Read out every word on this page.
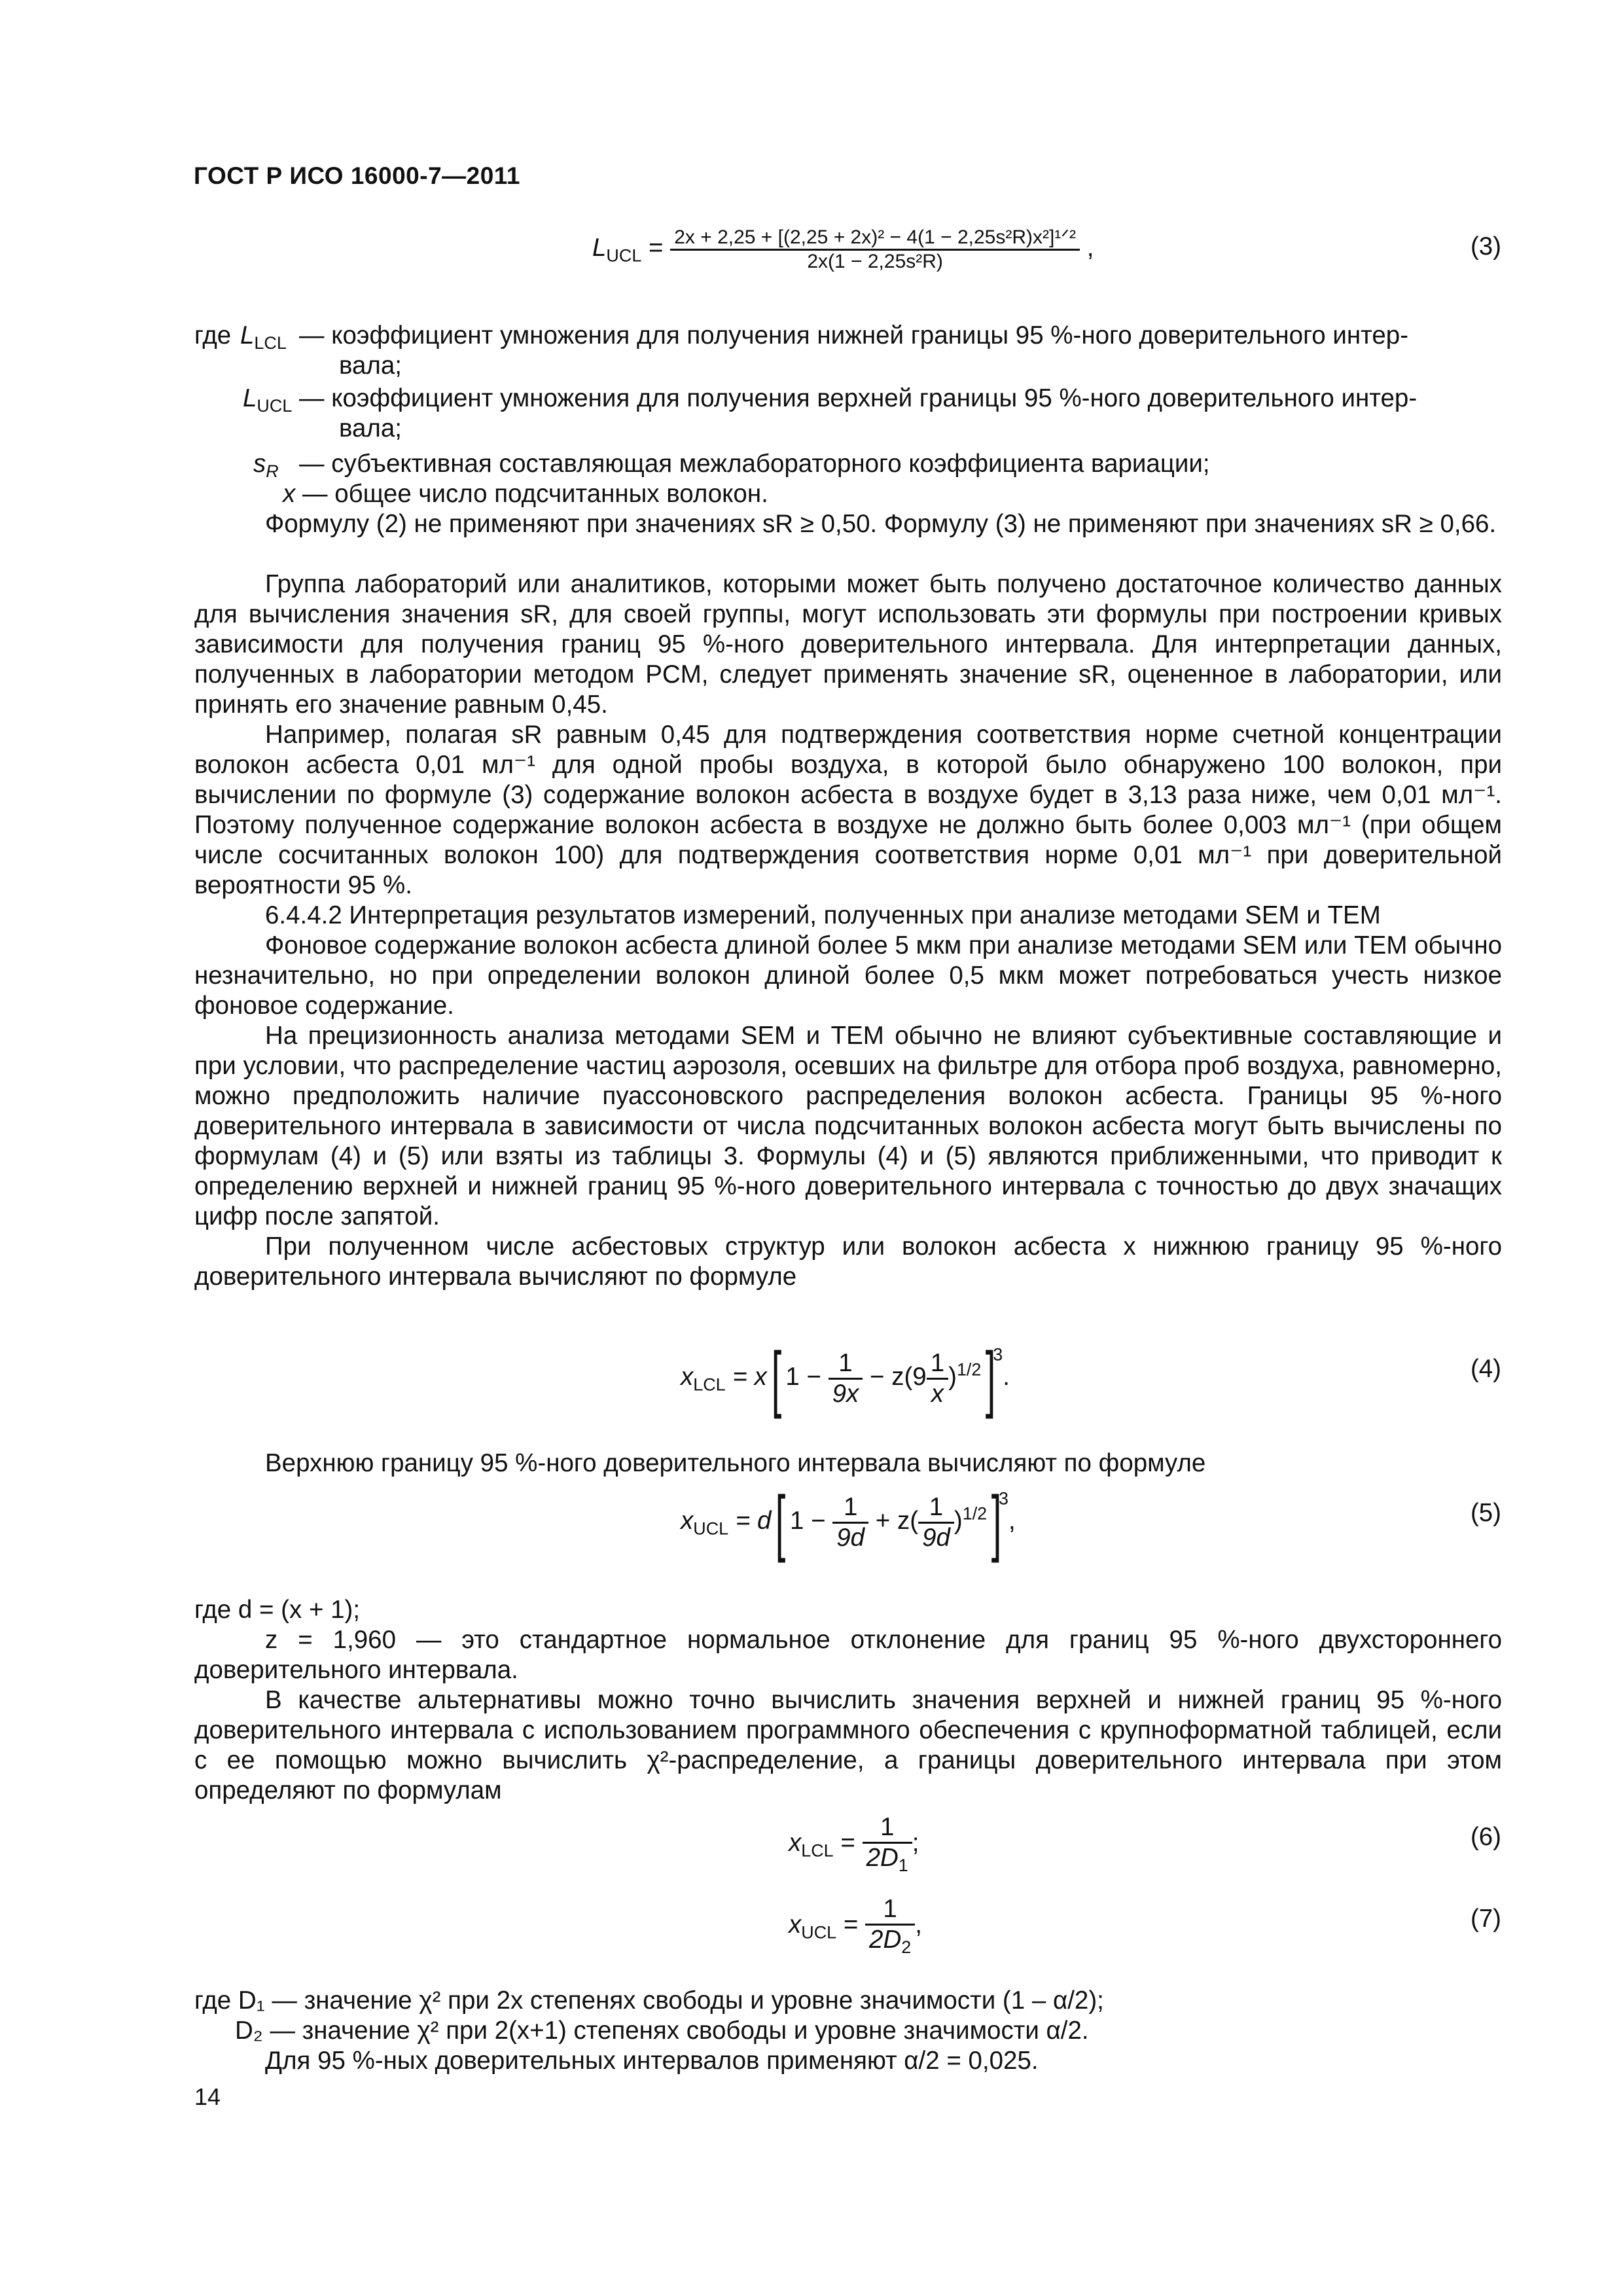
ГОСТ Р ИСО 16000-7—2011
$L_{UCL} = \frac{\text{2x + 2,25 + [(2,25 + 2x)² − 4(1 − 2,25s²R)x²]¹ᐟ²}}{\text{2x(1 − 2,25s²R)}}$ ,	(3)
где $L_{LCL}$ — коэффициент умножения для получения нижней границы 95 %-ного доверительного интер-
вала;
$L_{UCL}$ — коэффициент умножения для получения верхней границы 95 %-ного доверительного интер-
вала;
$s_R$ — субъективная составляющая межлабораторного коэффициента вариации;
x — общее число подсчитанных волокон.

Формулу (2) не применяют при значениях sR ≥ 0,50. Формулу (3) не применяют при значениях sR ≥ 0,66.

Группа лабораторий или аналитиков, которыми может быть получено достаточное количество данных для вычисления значения sR, для своей группы, могут использовать эти формулы при построении кривых зависимости для получения границ 95 %-ного доверительного интервала. Для интерпретации данных, полученных в лаборатории методом PCM, следует применять значение sR, оцененное в лаборатории, или принять его значение равным 0,45.

Например, полагая sR равным 0,45 для подтверждения соответствия норме счетной концентрации волокон асбеста 0,01 мл⁻¹ для одной пробы воздуха, в которой было обнаружено 100 волокон, при вычислении по формуле (3) содержание волокон асбеста в воздухе будет в 3,13 раза ниже, чем 0,01 мл⁻¹. Поэтому полученное содержание волокон асбеста в воздухе не должно быть более 0,003 мл⁻¹ (при общем числе сосчитанных волокон 100) для подтверждения соответствия норме 0,01 мл⁻¹ при доверительной вероятности 95 %.

6.4.4.2 Интерпретация результатов измерений, полученных при анализе методами SEM и TEM

Фоновое содержание волокон асбеста длиной более 5 мкм при анализе методами SEM или TEM обычно незначительно, но при определении волокон длиной более 0,5 мкм может потребоваться учесть низкое фоновое содержание.

На прецизионность анализа методами SEM и TEM обычно не влияют субъективные составляющие и при условии, что распределение частиц аэрозоля, осевших на фильтре для отбора проб воздуха, равномерно, можно предположить наличие пуассоновского распределения волокон асбеста. Границы 95 %-ного доверительного интервала в зависимости от числа подсчитанных волокон асбеста могут быть вычислены по формулам (4) и (5) или взяты из таблицы 3. Формулы (4) и (5) являются приближенными, что приводит к определению верхней и нижней границ 95 %-ного доверительного интервала с точностью до двух значащих цифр после запятой.

При полученном числе асбестовых структур или волокон асбеста x нижнюю границу 95 %-ного доверительного интервала вычисляют по формуле

$x_{LCL} = x$ [ $1 - \frac{1}{9x} - z(9 \frac{1}{x} )^{1/2}$ ]$^3$.	(4)

Верхнюю границу 95 %-ного доверительного интервала вычисляют по формуле

$x_{UCL} = d$ [ $1 - \frac{1}{9d} + z( \frac{1}{9d} )^{1/2}$ ]$^3$,	(5)

где d = (x + 1);

z = 1,960 — это стандартное нормальное отклонение для границ 95 %-ного двухстороннего доверительного интервала.

В качестве альтернативы можно точно вычислить значения верхней и нижней границ 95 %-ного доверительного интервала с использованием программного обеспечения с крупноформатной таблицей, если с ее помощью можно вычислить χ²-распределение, а границы доверительного интервала при этом определяют по формулам

$x_{LCL} = \frac{1}{2D_1}$ ;	(6)
$x_{UCL} = \frac{1}{2D_2}$ ,	(7)

где D₁ — значение χ² при 2x степенях свободы и уровне значимости (1 – α/2);

D₂ — значение χ² при 2(x+1) степенях свободы и уровне значимости α/2.

Для 95 %-ных доверительных интервалов применяют α/2 = 0,025.

14
